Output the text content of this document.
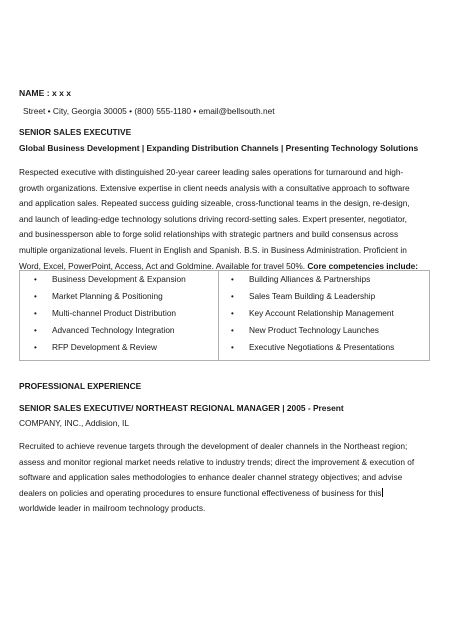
NAME : x x x
Street • City, Georgia 30005 • (800) 555-1180 • email@bellsouth.net
SENIOR SALES EXECUTIVE
Global Business Development | Expanding Distribution Channels | Presenting Technology Solutions
Respected executive with distinguished 20-year career leading sales operations for turnaround and high-
growth organizations. Extensive expertise in client needs analysis with a consultative approach to software
and application sales. Repeated success guiding sizeable, cross-functional teams in the design, re-design,
and launch of leading-edge technology solutions driving record-setting sales. Expert presenter, negotiator,
and businessperson able to forge solid relationships with strategic partners and build consensus across
multiple organizational levels. Fluent in English and Spanish. B.S. in Business Administration. Proficient in
Word, Excel, PowerPoint, Access, Act and Goldmine. Available for travel 50%. Core competencies include:
• Business Development & Expansion
• Market Planning & Positioning
• Multi-channel Product Distribution
• Advanced Technology Integration
• RFP Development & Review
• Building Alliances & Partnerships
• Sales Team Building & Leadership
• Key Account Relationship Management
• New Product Technology Launches
• Executive Negotiations & Presentations
PROFESSIONAL EXPERIENCE
SENIOR SALES EXECUTIVE/ NORTHEAST REGIONAL MANAGER | 2005 - Present
COMPANY, INC., Addision, IL
Recruited to achieve revenue targets through the development of dealer channels in the Northeast region;
assess and monitor regional market needs relative to industry trends; direct the improvement & execution of
software and application sales methodologies to enhance dealer channel strategy objectives; and advise
dealers on policies and operating procedures to ensure functional effectiveness of business for this
worldwide leader in mailroom technology products.
